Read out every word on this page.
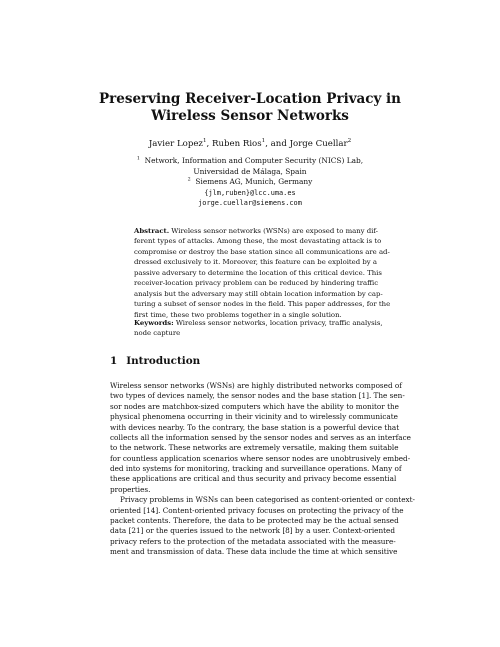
Preserving Receiver-Location Privacy in
Wireless Sensor Networks
Javier Lopez$^1$, Ruben Rios$^1$, and Jorge Cuellar$^2$
$^1$ Network, Information and Computer Security (NICS) Lab,
Universidad de Málaga, Spain
$^2$ Siemens AG, Munich, Germany
{jlm,ruben}@lcc.uma.es
jorge.cuellar@siemens.com
Abstract. Wireless sensor networks (WSNs) are exposed to many dif-
ferent types of attacks. Among these, the most devastating attack is to
compromise or destroy the base station since all communications are ad-
dressed exclusively to it. Moreover, this feature can be exploited by a
passive adversary to determine the location of this critical device. This
receiver-location privacy problem can be reduced by hindering traffic
analysis but the adversary may still obtain location information by cap-
turing a subset of sensor nodes in the field. This paper addresses, for the
first time, these two problems together in a single solution.
Keywords: Wireless sensor networks, location privacy, traffic analysis,
node capture
1 Introduction
Wireless sensor networks (WSNs) are highly distributed networks composed of
two types of devices namely, the sensor nodes and the base station [1]. The sen-
sor nodes are matchbox-sized computers which have the ability to monitor the
physical phenomena occurring in their vicinity and to wirelessly communicate
with devices nearby. To the contrary, the base station is a powerful device that
collects all the information sensed by the sensor nodes and serves as an interface
to the network. These networks are extremely versatile, making them suitable
for countless application scenarios where sensor nodes are unobtrusively embed-
ded into systems for monitoring, tracking and surveillance operations. Many of
these applications are critical and thus security and privacy become essential
properties.
Privacy problems in WSNs can been categorised as content-oriented or context-
oriented [14]. Content-oriented privacy focuses on protecting the privacy of the
packet contents. Therefore, the data to be protected may be the actual sensed
data [21] or the queries issued to the network [8] by a user. Context-oriented
privacy refers to the protection of the metadata associated with the measure-
ment and transmission of data. These data include the time at which sensitive
